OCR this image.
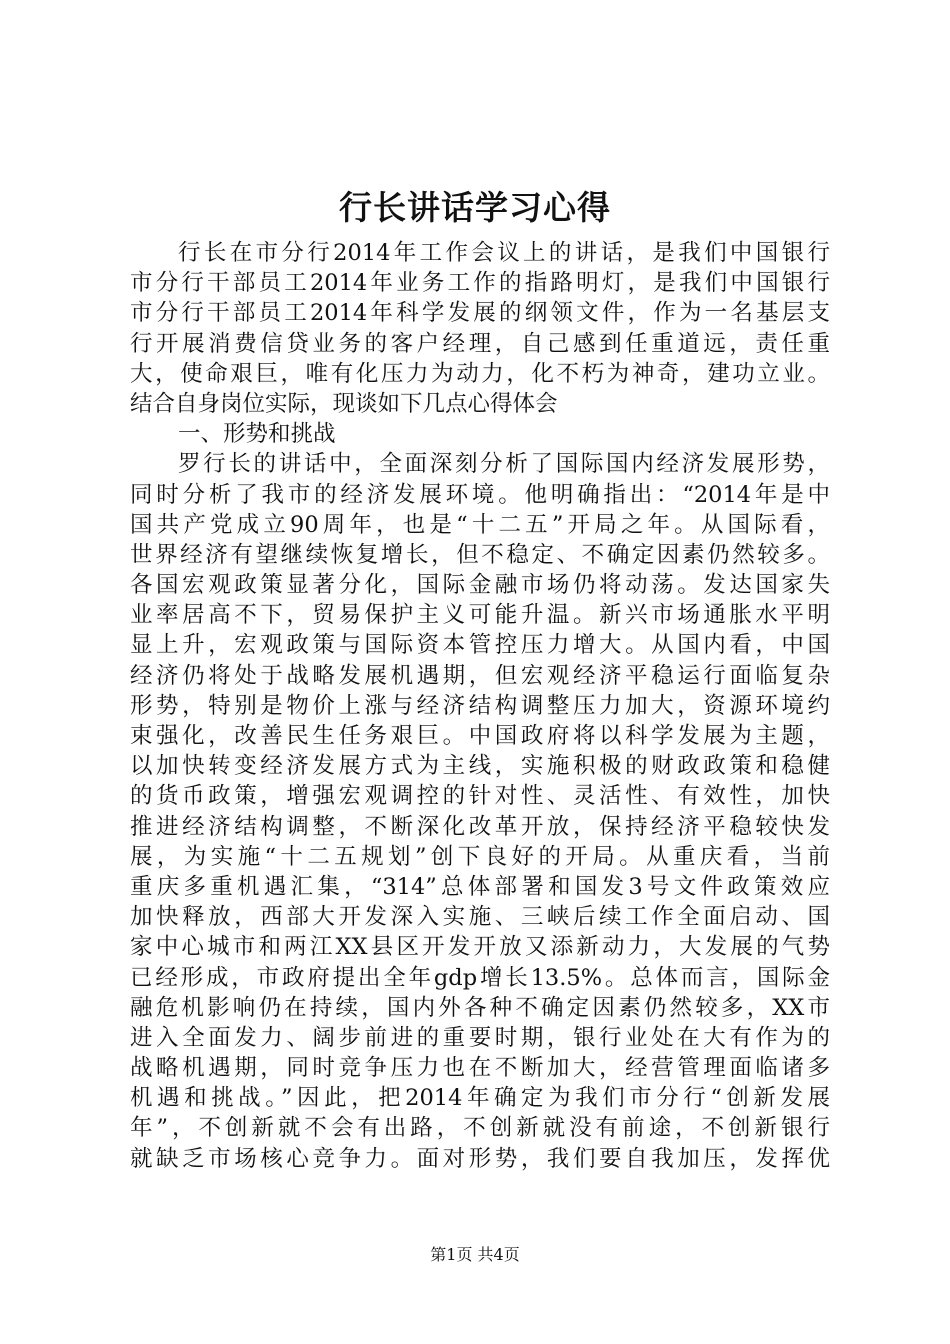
行长讲话学习心得
行长在市分行2014年工作会议上的讲话，是我们中国银行
市分行干部员工2014年业务工作的指路明灯，是我们中国银行
市分行干部员工2014年科学发展的纲领文件，作为一名基层支
行开展消费信贷业务的客户经理，自己感到任重道远，责任重
大，使命艰巨，唯有化压力为动力，化不朽为神奇，建功立业。
结合自身岗位实际，现谈如下几点心得体会
一、形势和挑战
罗行长的讲话中，全面深刻分析了国际国内经济发展形势，
同时分析了我市的经济发展环境。他明确指出：“2014年是中
国共产党成立90周年，也是“十二五”开局之年。从国际看，
世界经济有望继续恢复增长，但不稳定、不确定因素仍然较多。
各国宏观政策显著分化，国际金融市场仍将动荡。发达国家失
业率居高不下，贸易保护主义可能升温。新兴市场通胀水平明
显上升，宏观政策与国际资本管控压力增大。从国内看，中国
经济仍将处于战略发展机遇期，但宏观经济平稳运行面临复杂
形势，特别是物价上涨与经济结构调整压力加大，资源环境约
束强化，改善民生任务艰巨。中国政府将以科学发展为主题，
以加快转变经济发展方式为主线，实施积极的财政政策和稳健
的货币政策，增强宏观调控的针对性、灵活性、有效性，加快
推进经济结构调整，不断深化改革开放，保持经济平稳较快发
展，为实施“十二五规划”创下良好的开局。从重庆看，当前
重庆多重机遇汇集，“314”总体部署和国发3号文件政策效应
加快释放，西部大开发深入实施、三峡后续工作全面启动、国
家中心城市和两江XX县区开发开放又添新动力，大发展的气势
已经形成，市政府提出全年gdp增长13.5%。总体而言，国际金
融危机影响仍在持续，国内外各种不确定因素仍然较多，XX市
进入全面发力、阔步前进的重要时期，银行业处在大有作为的
战略机遇期，同时竞争压力也在不断加大，经营管理面临诸多
机遇和挑战。”因此，把2014年确定为我们市分行“创新发展
年”，不创新就不会有出路，不创新就没有前途，不创新银行
就缺乏市场核心竞争力。面对形势，我们要自我加压，发挥优
第1页 共4页
